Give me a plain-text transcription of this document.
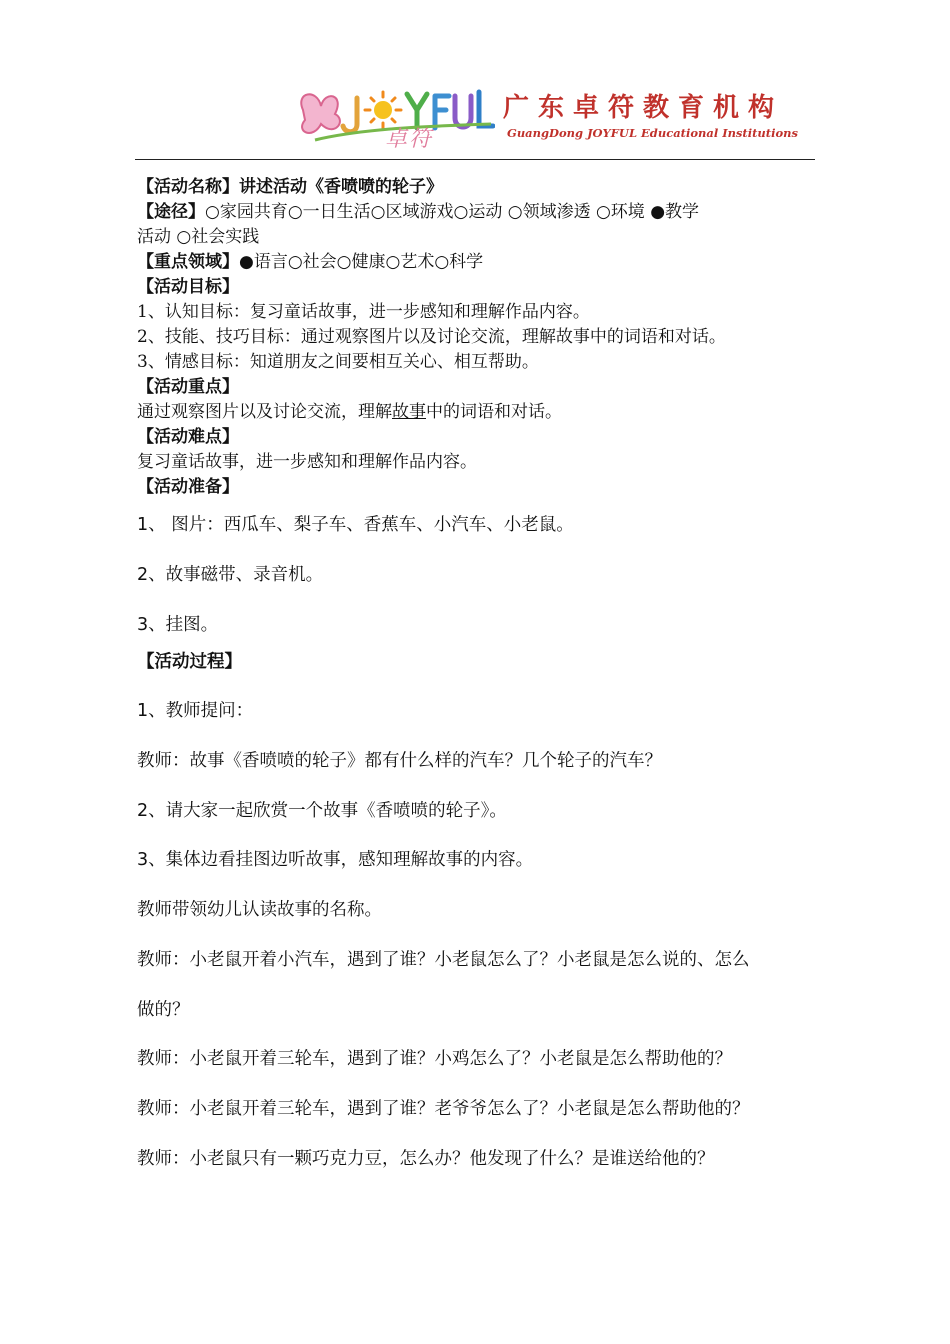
卓符
广东卓符教育机构
GuangDong JOYFUL Educational Institutions

【活动名称】讲述活动《香喷喷的轮子》

【途径】○家园共育○一日生活○区域游戏○运动 ○领域渗透 ○环境 ●教学

活动 ○社会实践

【重点领域】●语言○社会○健康○艺术○科学

【活动目标】

1、认知目标：复习童话故事，进一步感知和理解作品内容。

2、技能、技巧目标：通过观察图片以及讨论交流，理解故事中的词语和对话。

3、情感目标：知道朋友之间要相互关心、相互帮助。

【活动重点】

通过观察图片以及讨论交流，理解故事中的词语和对话。

【活动难点】

复习童话故事，进一步感知和理解作品内容。

【活动准备】

1、 图片：西瓜车、梨子车、香蕉车、小汽车、小老鼠。
2、故事磁带、录音机。
3、挂图。
【活动过程】
1、教师提问：
教师：故事《香喷喷的轮子》都有什么样的汽车？几个轮子的汽车？
2、请大家一起欣赏一个故事《香喷喷的轮子》。
3、集体边看挂图边听故事，感知理解故事的内容。
教师带领幼儿认读故事的名称。
教师：小老鼠开着小汽车，遇到了谁？小老鼠怎么了？小老鼠是怎么说的、怎么
做的？
教师：小老鼠开着三轮车，遇到了谁？小鸡怎么了？小老鼠是怎么帮助他的？
教师：小老鼠开着三轮车，遇到了谁？老爷爷怎么了？小老鼠是怎么帮助他的？
教师：小老鼠只有一颗巧克力豆，怎么办？他发现了什么？是谁送给他的？
